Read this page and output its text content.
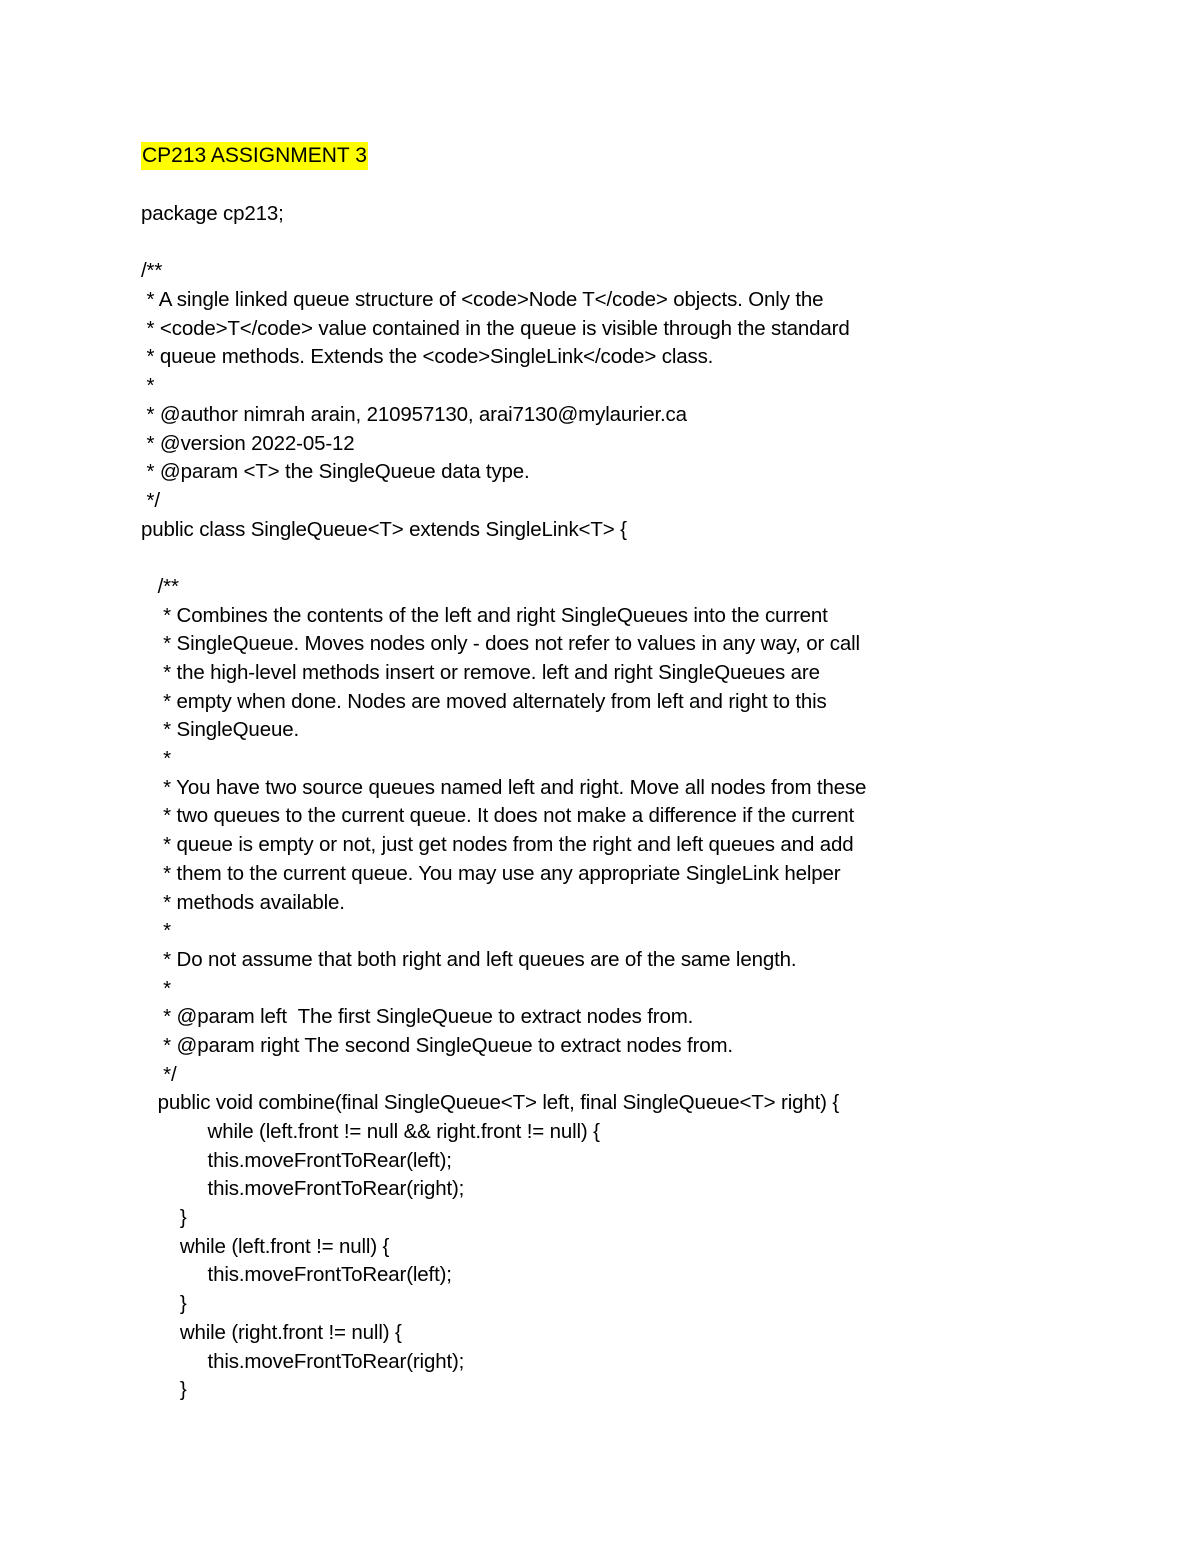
CP213 ASSIGNMENT 3
package cp213;
/**
* A single linked queue structure of <code>Node T</code> objects. Only the
* <code>T</code> value contained in the queue is visible through the standard
* queue methods. Extends the <code>SingleLink</code> class.
*
* @author nimrah arain, 210957130, arai7130@mylaurier.ca
* @version 2022-05-12
* @param <T> the SingleQueue data type.
*/
public class SingleQueue<T> extends SingleLink<T> {
/**
* Combines the contents of the left and right SingleQueues into the current
* SingleQueue. Moves nodes only - does not refer to values in any way, or call
* the high-level methods insert or remove. left and right SingleQueues are
* empty when done. Nodes are moved alternately from left and right to this
* SingleQueue.
*
* You have two source queues named left and right. Move all nodes from these
* two queues to the current queue. It does not make a difference if the current
* queue is empty or not, just get nodes from the right and left queues and add
* them to the current queue. You may use any appropriate SingleLink helper
* methods available.
*
* Do not assume that both right and left queues are of the same length.
*
* @param left  The first SingleQueue to extract nodes from.
* @param right The second SingleQueue to extract nodes from.
*/
public void combine(final SingleQueue<T> left, final SingleQueue<T> right) {
while (left.front != null && right.front != null) {
this.moveFrontToRear(left);
this.moveFrontToRear(right);
}
while (left.front != null) {
this.moveFrontToRear(left);
}
while (right.front != null) {
this.moveFrontToRear(right);
}
